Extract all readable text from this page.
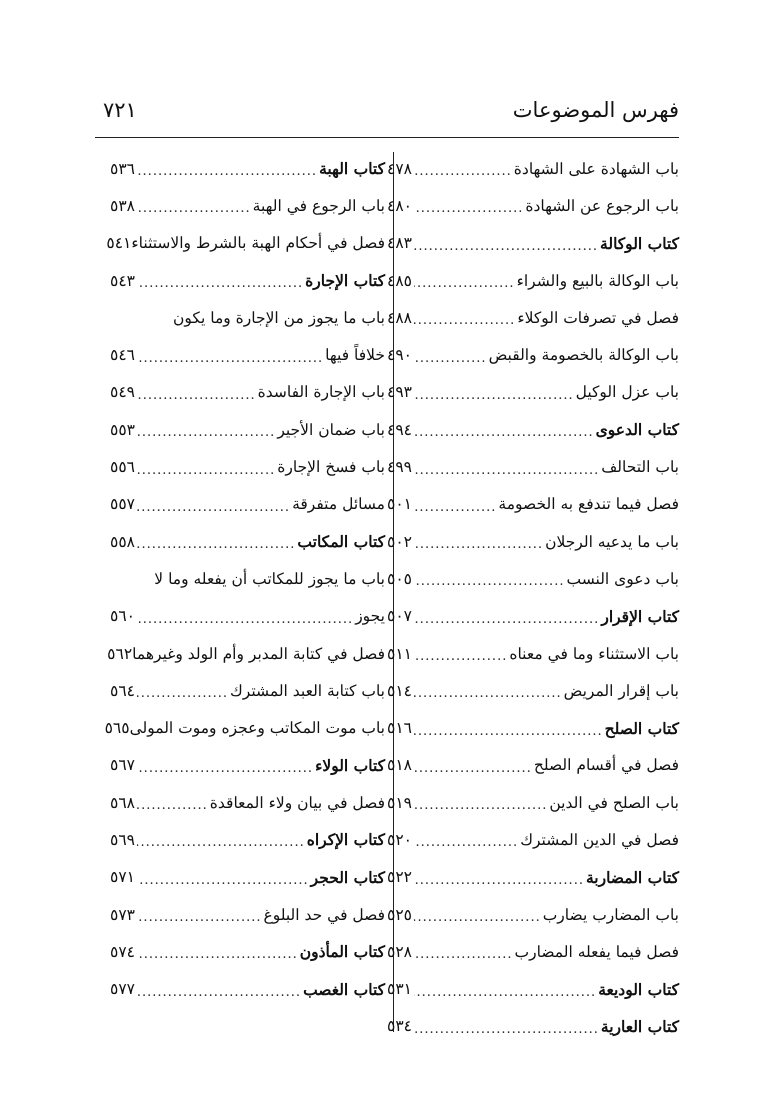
فهرس الموضوعات
٧٢١
باب الشهادة على الشهادة
.....
٤٧٨
باب الرجوع عن الشهادة
.....
٤٨٠
كتاب الوكالة
.....
٤٨٣
باب الوكالة بالبيع والشراء
.....
٤٨٥
فصل في تصرفات الوكلاء
.....
٤٨٨
باب الوكالة بالخصومة والقبض
.....
٤٩٠
باب عزل الوكيل
.....
٤٩٣
كتاب الدعوى
.....
٤٩٤
باب التحالف
.....
٤٩٩
فصل فيما تندفع به الخصومة
.....
٥٠١
باب ما يدعيه الرجلان
.....
٥٠٢
باب دعوى النسب
.....
٥٠٥
كتاب الإقرار
.....
٥٠٧
باب الاستثناء وما في معناه
.....
٥١١
باب إقرار المريض
.....
٥١٤
كتاب الصلح
.....
٥١٦
فصل في أقسام الصلح
.....
٥١٨
باب الصلح في الدين
.....
٥١٩
فصل في الدين المشترك
.....
٥٢٠
كتاب المضاربة
.....
٥٢٢
باب المضارب يضارب
.....
٥٢٥
فصل فيما يفعله المضارب
.....
٥٢٨
كتاب الوديعة
.....
٥٣١
كتاب العارية
.....
٥٣٤
كتاب الهبة
.....
٥٣٦
باب الرجوع في الهبة
.....
٥٣٨
فصل في أحكام الهبة بالشرط والاستثناء
٥٤١
كتاب الإجارة
.....
٥٤٣
باب ما يجوز من الإجارة وما يكون
خلافاً فيها
.....
٥٤٦
باب الإجارة الفاسدة
.....
٥٤٩
باب ضمان الأجير
.....
٥٥٣
باب فسخ الإجارة
.....
٥٥٦
مسائل متفرقة
.....
٥٥٧
كتاب المكاتب
.....
٥٥٨
باب ما يجوز للمكاتب أن يفعله وما لا
يجوز
.....
٥٦٠
فصل في كتابة المدبر وأم الولد وغيرهما
٥٦٢
باب كتابة العبد المشترك
.....
٥٦٤
باب موت المكاتب وعجزه وموت المولى
٥٦٥
كتاب الولاء
.....
٥٦٧
فصل في بيان ولاء المعاقدة
.....
٥٦٨
كتاب الإكراه
.....
٥٦٩
كتاب الحجر
.....
٥٧١
فصل في حد البلوغ
.....
٥٧٣
كتاب المأذون
.....
٥٧٤
كتاب الغصب
.....
٥٧٧
